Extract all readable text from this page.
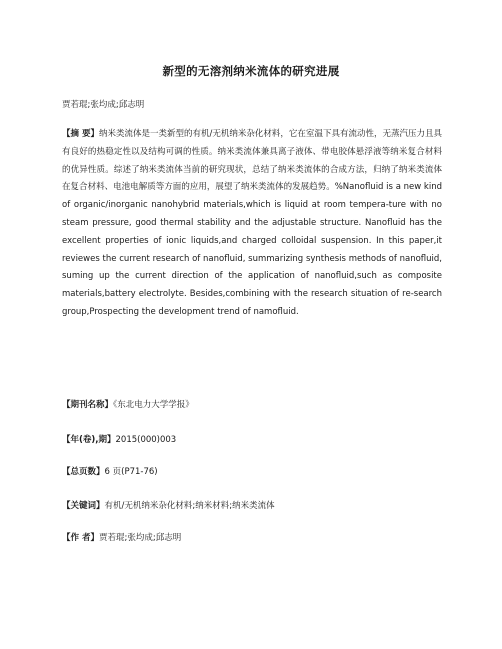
新型的无溶剂纳米流体的研究进展
贾若琨;张均成;邱志明

【摘 要】纳米类流体是一类新型的有机/无机纳米杂化材料，它在室温下具有流动性，无蒸汽压力且具有良好的热稳定性以及结构可调的性质。纳米类流体兼具离子液体、带电胶体悬浮液等纳米复合材料的优异性质。综述了纳米类流体当前的研究现状，总结了纳米类流体的合成方法，归纳了纳米类流体在复合材料、电池电解质等方面的应用，展望了纳米类流体的发展趋势。%Nanofluid is a new kind of organic/inorganic nanohybrid materials,which is liquid at room tempera-ture with no steam pressure, good thermal stability and the adjustable structure. Nanofluid has the excellent properties of ionic liquids,and charged colloidal suspension. In this paper,it reviewes the current research of nanofluid, summarizing synthesis methods of nanofluid, suming up the current direction of the application of nanofluid,such as composite materials,battery electrolyte. Besides,combining with the research situation of re-search group,Prospecting the development trend of namofluid.

【期刊名称】《东北电力大学学报》
【年(卷),期】2015(000)003
【总页数】6 页(P71-76)
【关键词】有机/无机纳米杂化材料;纳米材料;纳米类流体
【作 者】贾若琨;张均成;邱志明
